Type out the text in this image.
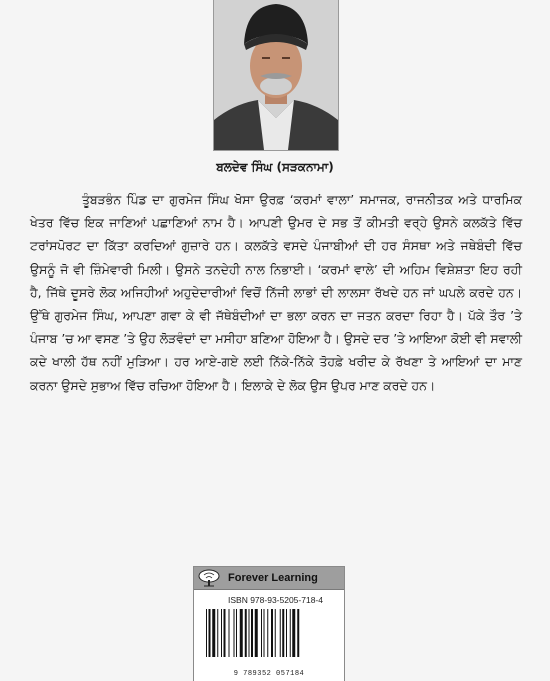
ਬਲਦੇਵ ਸਿੰਘ (ਸੜਕਨਾਮਾ)

ਤੂੰਬੜਭੰਨ ਪਿੰਡ ਦਾ ਗੁਰਮੇਜ ਸਿੰਘ ਖੋਸਾ ਉਰਫ਼ ‘ਕਰਮਾਂ ਵਾਲਾ’ ਸਮਾਜਕ, ਰਾਜਨੀਤਕ ਅਤੇ ਧਾਰਮਿਕ ਖੇਤਰ ਵਿੱਚ ਇਕ ਜਾਣਿਆਂ ਪਛਾਣਿਆਂ ਨਾਮ ਹੈ। ਆਪਣੀ ਉਮਰ ਦੇ ਸਭ ਤੋਂ ਕੀਮਤੀ ਵਰ੍ਹੇ ਉਸਨੇ ਕਲਕੱਤੇ ਵਿੱਚ ਟਰਾਂਸਪੋਰਟ ਦਾ ਕਿੱਤਾ ਕਰਦਿਆਂ ਗੁਜ਼ਾਰੇ ਹਨ। ਕਲਕੱਤੇ ਵਸਦੇ ਪੰਜਾਬੀਆਂ ਦੀ ਹਰ ਸੰਸਥਾ ਅਤੇ ਜਥੇਬੰਦੀ ਵਿੱਚ ਉਸਨੂੰ ਜੋ ਵੀ ਜ਼ਿੰਮੇਵਾਰੀ ਮਿਲੀ। ਉਸਨੇ ਤਨਦੇਹੀ ਨਾਲ ਨਿਭਾਈ। ‘ਕਰਮਾਂ ਵਾਲੇ’ ਦੀ ਅਹਿਮ ਵਿਸ਼ੇਸ਼ਤਾ ਇਹ ਰਹੀ ਹੈ, ਜਿੱਥੇ ਦੂਸਰੇ ਲੋਕ ਅਜਿਹੀਆਂ ਅਹੁਦੇਦਾਰੀਆਂ ਵਿਚੋਂ ਨਿੱਜੀ ਲਾਭਾਂ ਦੀ ਲਾਲਸਾ ਰੱਖਦੇ ਹਨ ਜਾਂ ਘਪਲੇ ਕਰਦੇ ਹਨ। ਉੱਥੇ ਗੁਰਮੇਜ ਸਿੰਘ, ਆਪਣਾ ਗਵਾ ਕੇ ਵੀ ਜੱਥੇਬੰਦੀਆਂ ਦਾ ਭਲਾ ਕਰਨ ਦਾ ਜਤਨ ਕਰਦਾ ਰਿਹਾ ਹੈ। ਪੱਕੇ ਤੌਰ ’ਤੇ ਪੰਜਾਬ ’ਚ ਆ ਵਸਣ ’ਤੇ ਉਹ ਲੋੜਵੰਦਾਂ ਦਾ ਮਸੀਹਾ ਬਣਿਆ ਹੋਇਆ ਹੈ। ਉਸਦੇ ਦਰ ’ਤੇ ਆਇਆ ਕੋਈ ਵੀ ਸਵਾਲੀ ਕਦੇ ਖਾਲੀ ਹੱਥ ਨਹੀਂ ਮੁੜਿਆ। ਹਰ ਆਏ-ਗਏ ਲਈ ਨਿੱਕੇ-ਨਿੱਕੇ ਤੋਹਫ਼ੇ ਖਰੀਦ ਕੇ ਰੱਖਣਾ ਤੇ ਆਇਆਂ ਦਾ ਮਾਣ ਕਰਨਾ ਉਸਦੇ ਸੁਭਾਅ ਵਿੱਚ ਰਚਿਆ ਹੋਇਆ ਹੈ। ਇਲਾਕੇ ਦੇ ਲੋਕ ਉਸ ਉਪਰ ਮਾਣ ਕਰਦੇ ਹਨ।

Forever Learning
ISBN 978-93-5205-718-4
9 789352 057184
